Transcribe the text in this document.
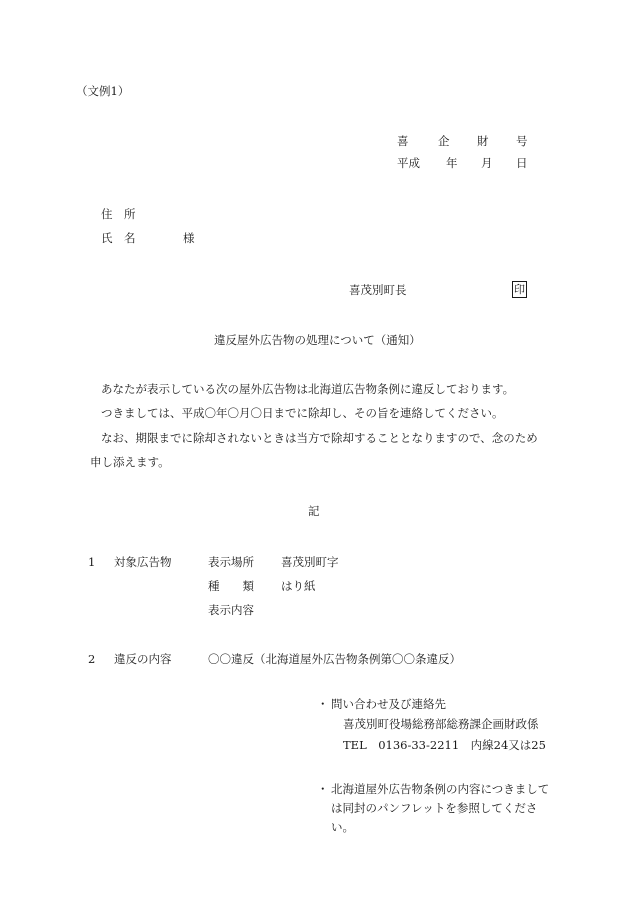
（文例1）
喜	企 財 号
平成 年 月 日
住　所
氏　名	様
喜茂別町長	印
違反屋外広告物の処理について（通知）
あなたが表示している次の屋外広告物は北海道広告物条例に違反しております。
つきましては、平成〇年〇月〇日までに除却し、その旨を連絡してください。
なお、期限までに除却されないときは当方で除却することとなりますので、念のため
申し添えます。
記
1 対象広告物	表示場所 喜茂別町字
種　　類 はり紙
表示内容
2 違反の内容	〇〇違反（北海道屋外広告物条例第〇〇条違反）
・ 問い合わせ及び連絡先
喜茂別町役場総務部総務課企画財政係
TEL　0136-33-2211　内線24又は25
・ 北海道屋外広告物条例の内容につきまして
は同封のパンフレットを参照してくださ
い。
